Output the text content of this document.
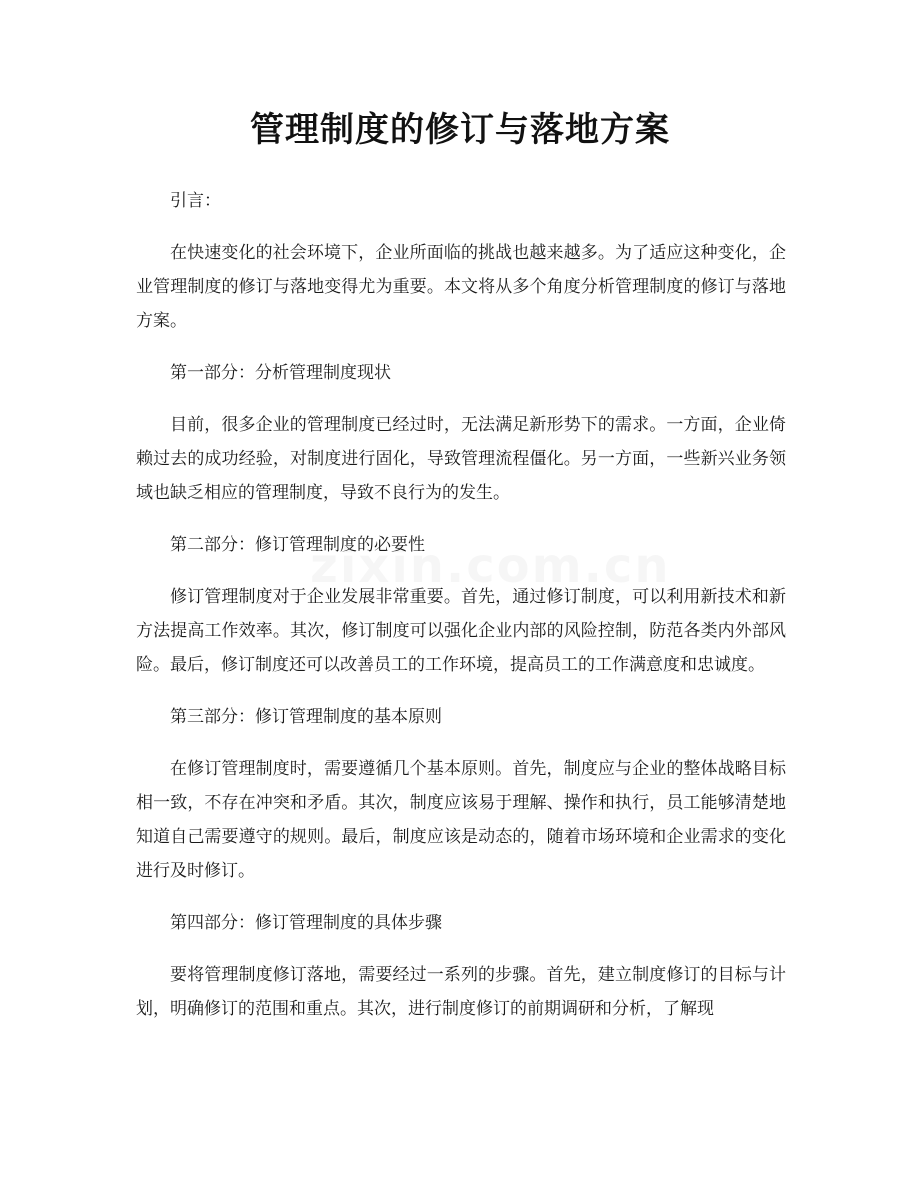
管理制度的修订与落地方案
引言：
在快速变化的社会环境下，企业所面临的挑战也越来越多。为了适应这种变化，企业管理制度的修订与落地变得尤为重要。本文将从多个角度分析管理制度的修订与落地方案。
第一部分：分析管理制度现状
目前，很多企业的管理制度已经过时，无法满足新形势下的需求。一方面，企业倚赖过去的成功经验，对制度进行固化，导致管理流程僵化。另一方面，一些新兴业务领域也缺乏相应的管理制度，导致不良行为的发生。
第二部分：修订管理制度的必要性
修订管理制度对于企业发展非常重要。首先，通过修订制度，可以利用新技术和新方法提高工作效率。其次，修订制度可以强化企业内部的风险控制，防范各类内外部风险。最后，修订制度还可以改善员工的工作环境，提高员工的工作满意度和忠诚度。
第三部分：修订管理制度的基本原则
在修订管理制度时，需要遵循几个基本原则。首先，制度应与企业的整体战略目标相一致，不存在冲突和矛盾。其次，制度应该易于理解、操作和执行，员工能够清楚地知道自己需要遵守的规则。最后，制度应该是动态的，随着市场环境和企业需求的变化进行及时修订。
第四部分：修订管理制度的具体步骤
要将管理制度修订落地，需要经过一系列的步骤。首先，建立制度修订的目标与计划，明确修订的范围和重点。其次，进行制度修订的前期调研和分析，了解现
